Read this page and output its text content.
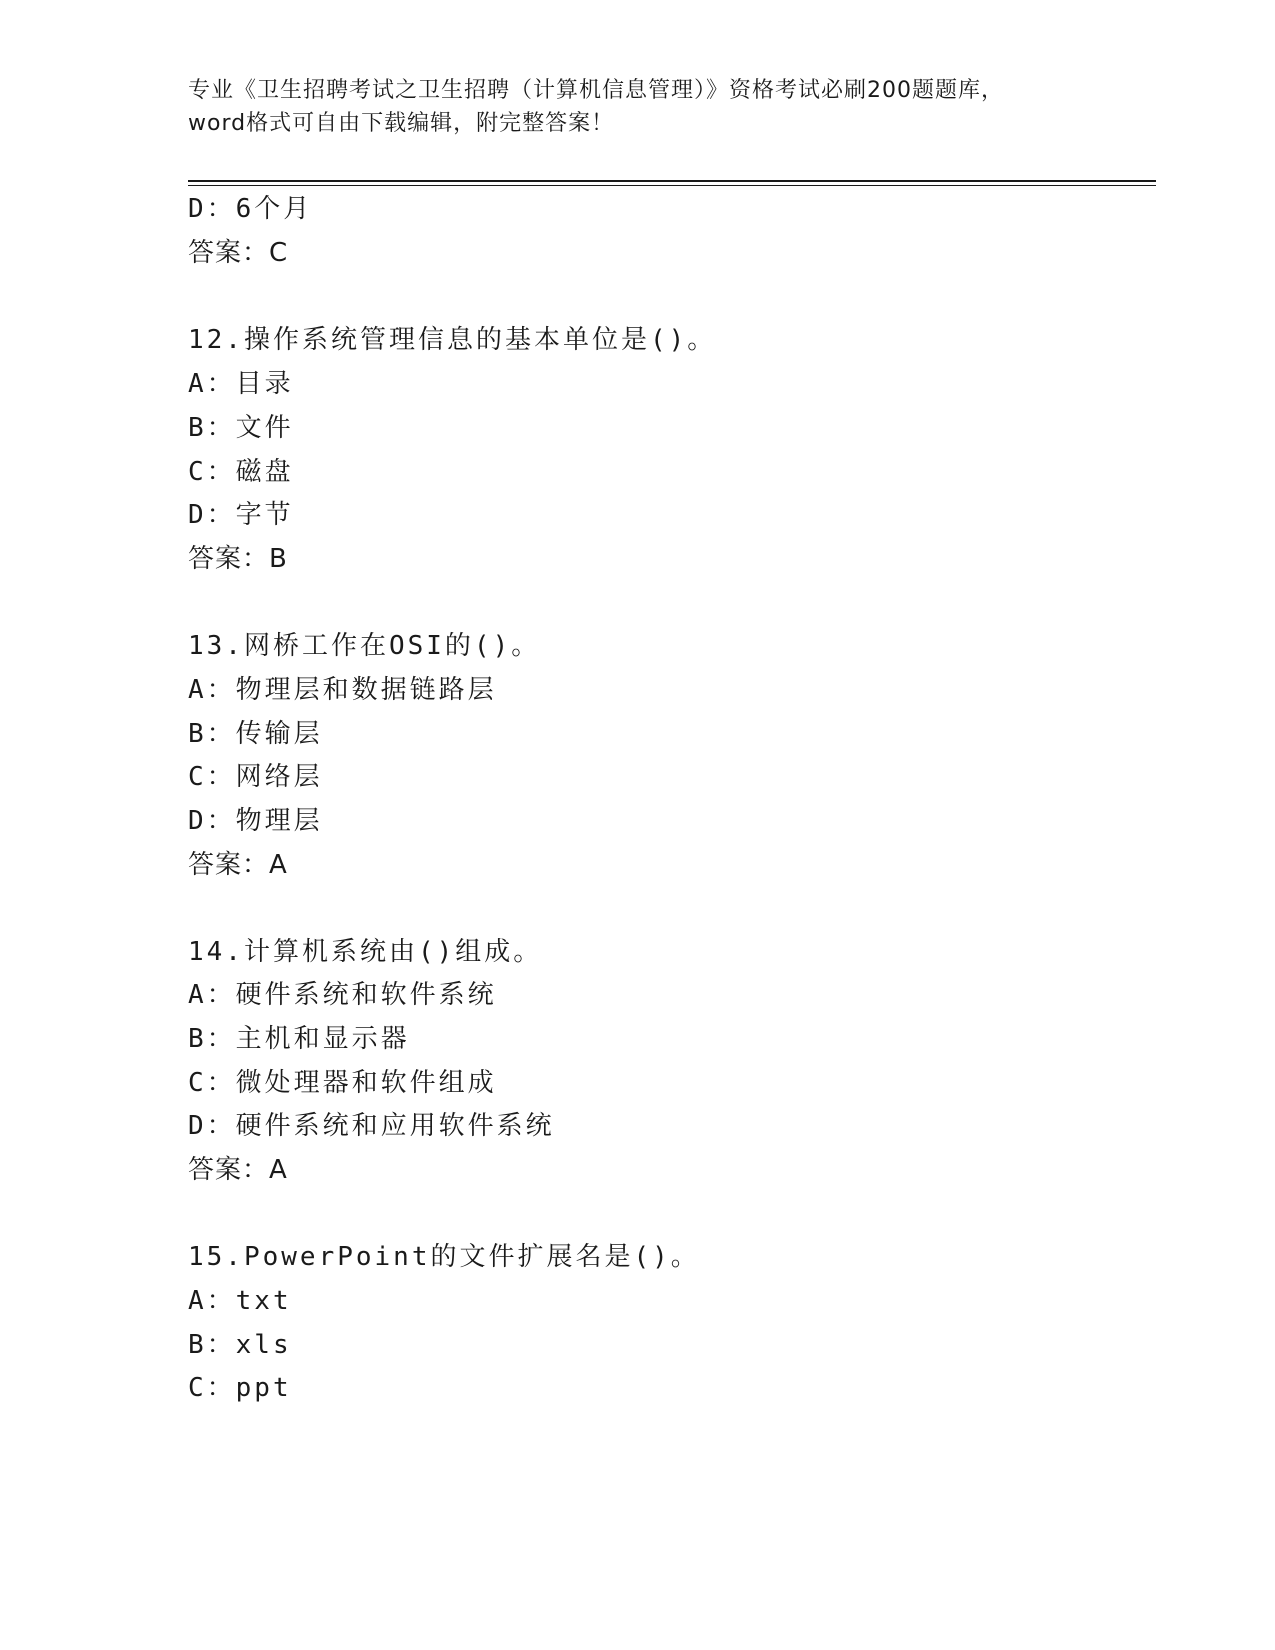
专业《卫生招聘考试之卫生招聘（计算机信息管理）》资格考试必刷200题题库，
word格式可自由下载编辑，附完整答案！
D：6个月
答案：C
12.操作系统管理信息的基本单位是()。
A：目录
B：文件
C：磁盘
D：字节
答案：B
13.网桥工作在OSI的()。
A：物理层和数据链路层
B：传输层
C：网络层
D：物理层
答案：A
14.计算机系统由()组成。
A：硬件系统和软件系统
B：主机和显示器
C：微处理器和软件组成
D：硬件系统和应用软件系统
答案：A
15.PowerPoint的文件扩展名是()。
A：txt
B：xls
C：ppt
